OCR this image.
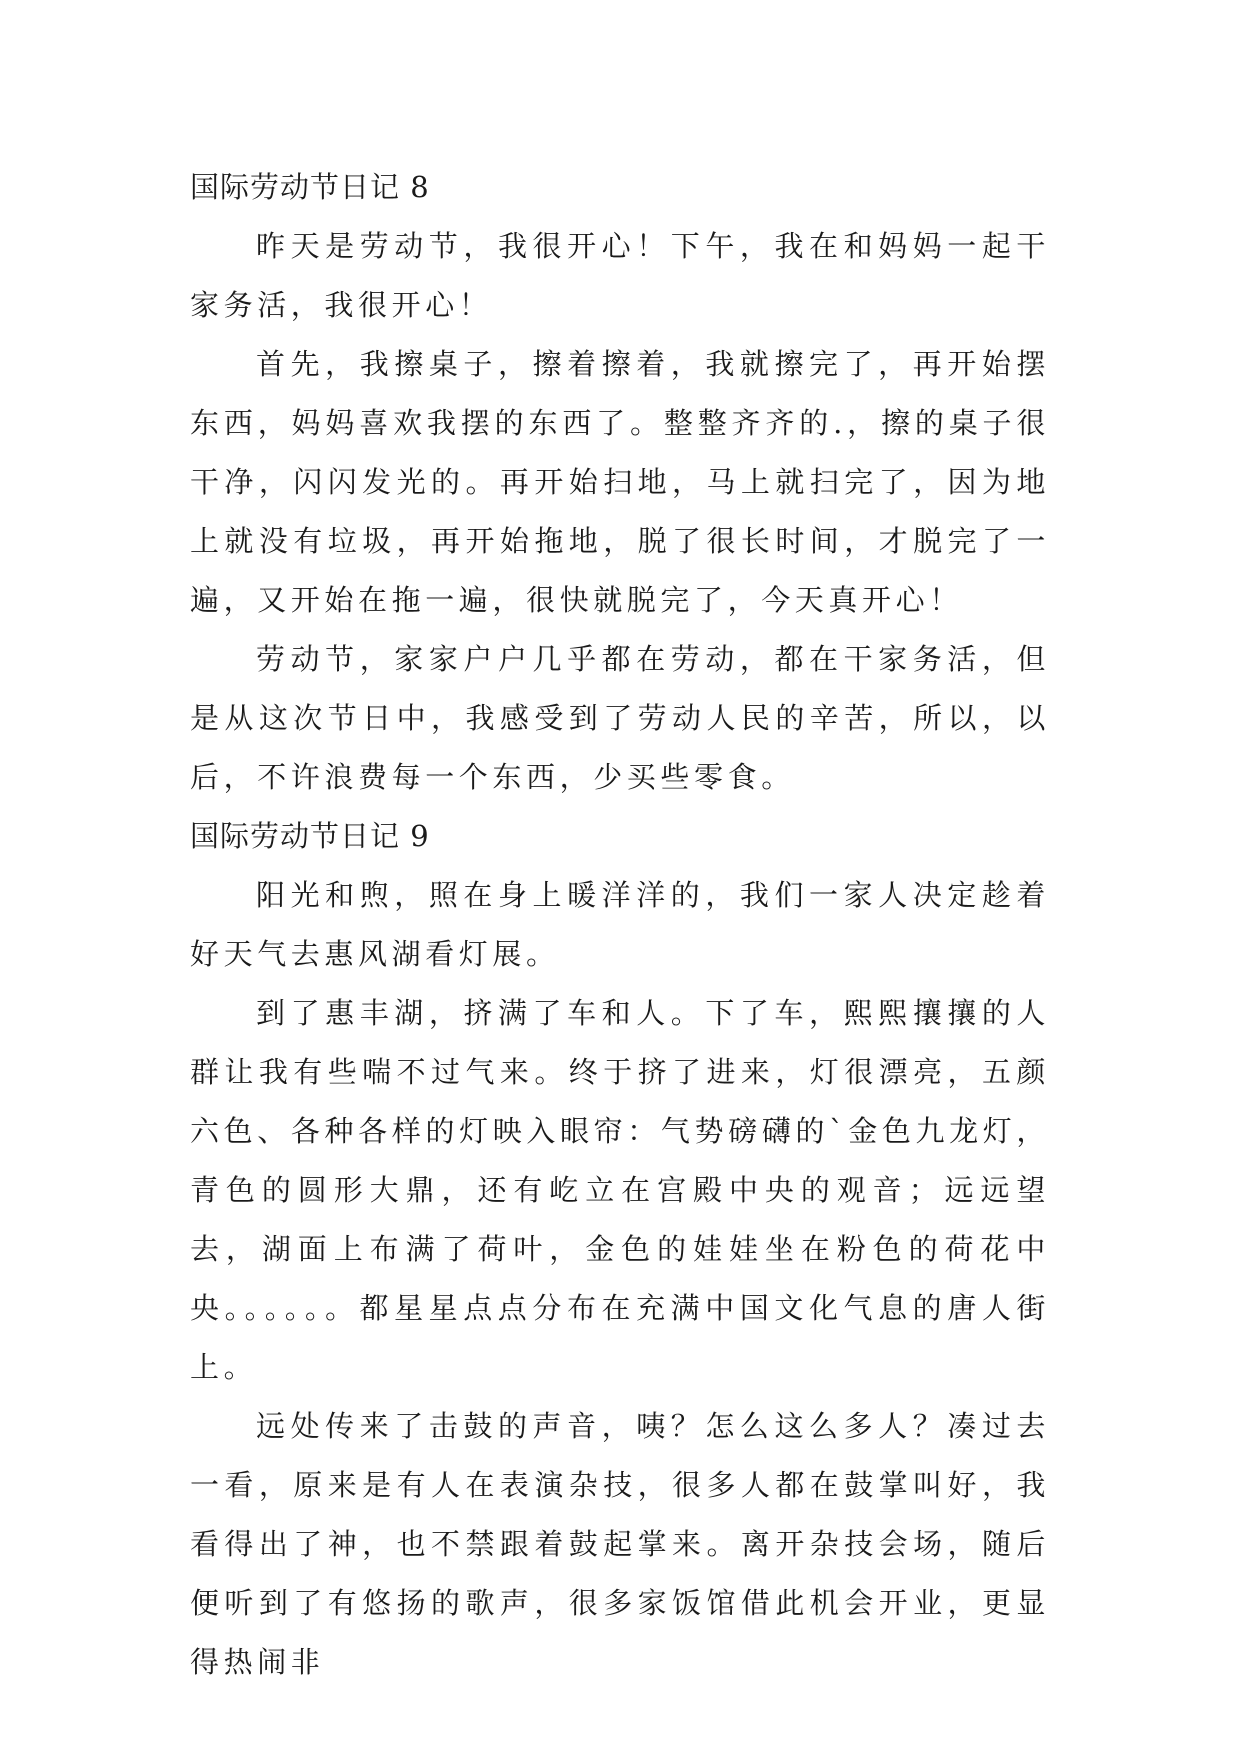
国际劳动节日记 8

昨天是劳动节，我很开心！下午，我在和妈妈一起干家务活，我很开心！

首先，我擦桌子，擦着擦着，我就擦完了，再开始摆东西，妈妈喜欢我摆的东西了。整整齐齐的.，擦的桌子很干净，闪闪发光的。再开始扫地，马上就扫完了，因为地上就没有垃圾，再开始拖地，脱了很长时间，才脱完了一遍，又开始在拖一遍，很快就脱完了，今天真开心！

劳动节，家家户户几乎都在劳动，都在干家务活，但是从这次节日中，我感受到了劳动人民的辛苦，所以，以后，不许浪费每一个东西，少买些零食。

国际劳动节日记 9

阳光和煦，照在身上暖洋洋的，我们一家人决定趁着好天气去惠风湖看灯展。

到了惠丰湖，挤满了车和人。下了车，熙熙攘攘的人群让我有些喘不过气来。终于挤了进来，灯很漂亮，五颜六色、各种各样的灯映入眼帘：气势磅礴的`金色九龙灯，青色的圆形大鼎，还有屹立在宫殿中央的观音；远远望去，湖面上布满了荷叶，金色的娃娃坐在粉色的荷花中央。。。。。。都星星点点分布在充满中国文化气息的唐人街上。

远处传来了击鼓的声音，咦？怎么这么多人？凑过去一看，原来是有人在表演杂技，很多人都在鼓掌叫好，我看得出了神，也不禁跟着鼓起掌来。离开杂技会场，随后便听到了有悠扬的歌声，很多家饭馆借此机会开业，更显得热闹非
